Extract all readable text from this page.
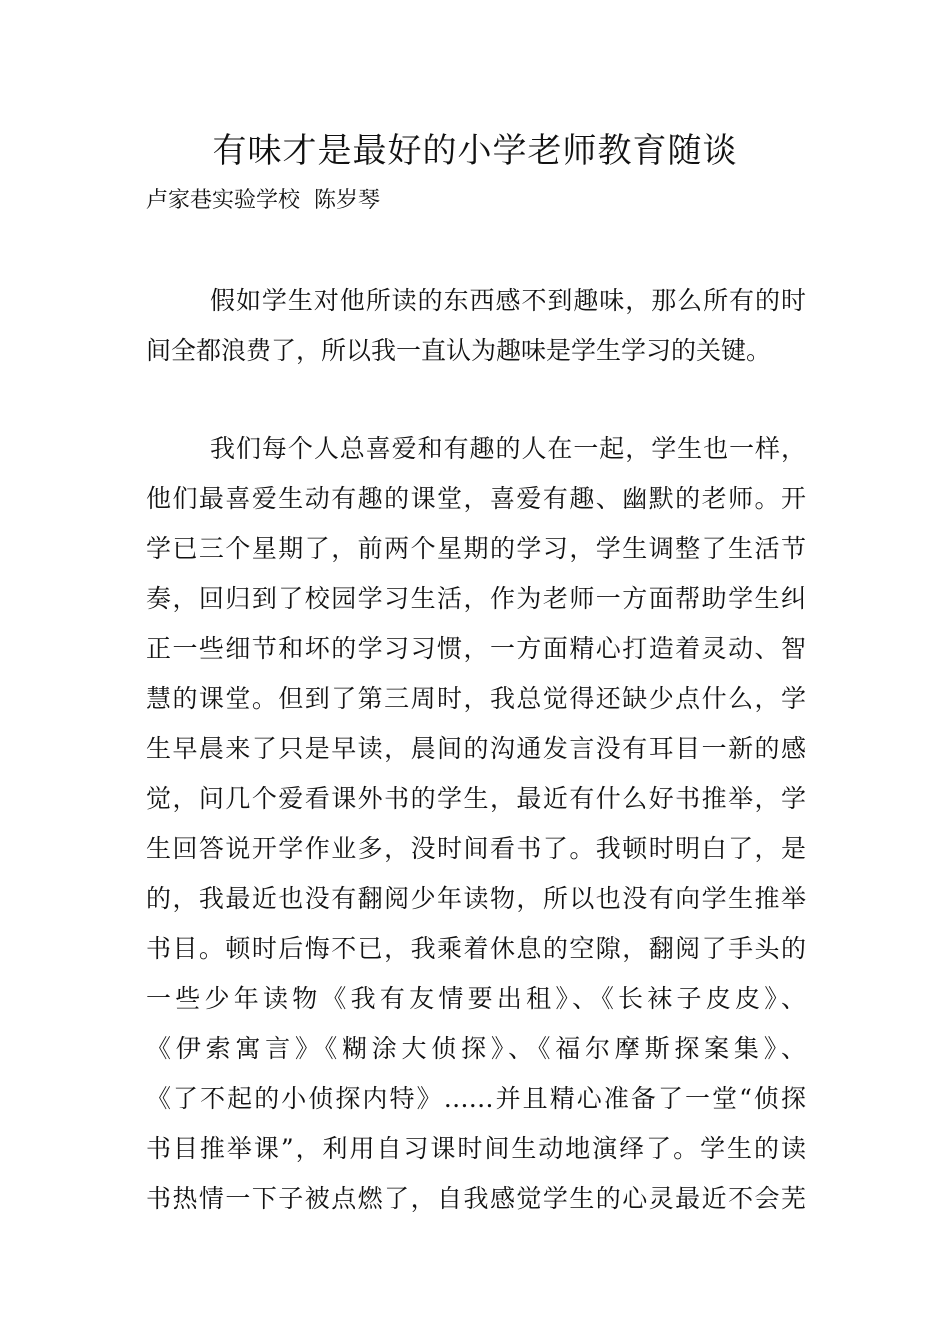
有味才是最好的小学老师教育随谈
卢家巷实验学校  陈岁琴
假如学生对他所读的东西感不到趣味，那么所有的时
间全都浪费了，所以我一直认为趣味是学生学习的关键。
我们每个人总喜爱和有趣的人在一起，学生也一样，
他们最喜爱生动有趣的课堂，喜爱有趣、幽默的老师。开
学已三个星期了，前两个星期的学习，学生调整了生活节
奏，回归到了校园学习生活，作为老师一方面帮助学生纠
正一些细节和坏的学习习惯，一方面精心打造着灵动、智
慧的课堂。但到了第三周时，我总觉得还缺少点什么，学
生早晨来了只是早读，晨间的沟通发言没有耳目一新的感
觉，问几个爱看课外书的学生，最近有什么好书推举，学
生回答说开学作业多，没时间看书了。我顿时明白了，是
的，我最近也没有翻阅少年读物，所以也没有向学生推举
书目。顿时后悔不已，我乘着休息的空隙，翻阅了手头的
一些少年读物《我有友情要出租》、《长袜子皮皮》、
《伊索寓言》《糊涂大侦探》、《福尔摩斯探案集》、
《了不起的小侦探内特》……并且精心准备了一堂“侦探
书目推举课”，利用自习课时间生动地演绎了。学生的读
书热情一下子被点燃了，自我感觉学生的心灵最近不会芜
